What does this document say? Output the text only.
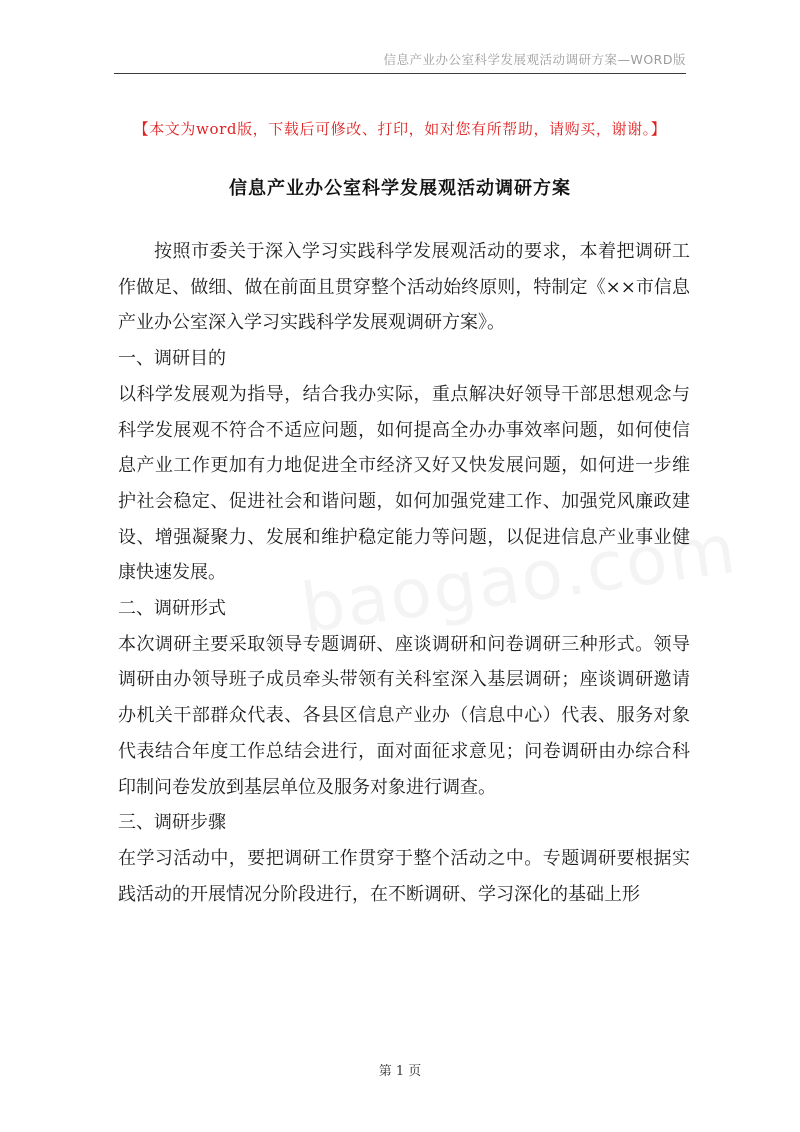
信息产业办公室科学发展观活动调研方案—WORD版
【本文为word版，下载后可修改、打印，如对您有所帮助，请购买，谢谢。】
信息产业办公室科学发展观活动调研方案

按照市委关于深入学习实践科学发展观活动的要求，本着把调研工作做足、做细、做在前面且贯穿整个活动始终原则，特制定《××市信息产业办公室深入学习实践科学发展观调研方案》。

一、调研目的

以科学发展观为指导，结合我办实际，重点解决好领导干部思想观念与科学发展观不符合不适应问题，如何提高全办办事效率问题，如何使信息产业工作更加有力地促进全市经济又好又快发展问题，如何进一步维护社会稳定、促进社会和谐问题，如何加强党建工作、加强党风廉政建设、增强凝聚力、发展和维护稳定能力等问题，以促进信息产业事业健康快速发展。

二、调研形式

本次调研主要采取领导专题调研、座谈调研和问卷调研三种形式。领导调研由办领导班子成员牵头带领有关科室深入基层调研；座谈调研邀请办机关干部群众代表、各县区信息产业办（信息中心）代表、服务对象代表结合年度工作总结会进行，面对面征求意见；问卷调研由办综合科印制问卷发放到基层单位及服务对象进行调查。

三、调研步骤

在学习活动中，要把调研工作贯穿于整个活动之中。专题调研要根据实践活动的开展情况分阶段进行，在不断调研、学习深化的基础上形

第 1 页
